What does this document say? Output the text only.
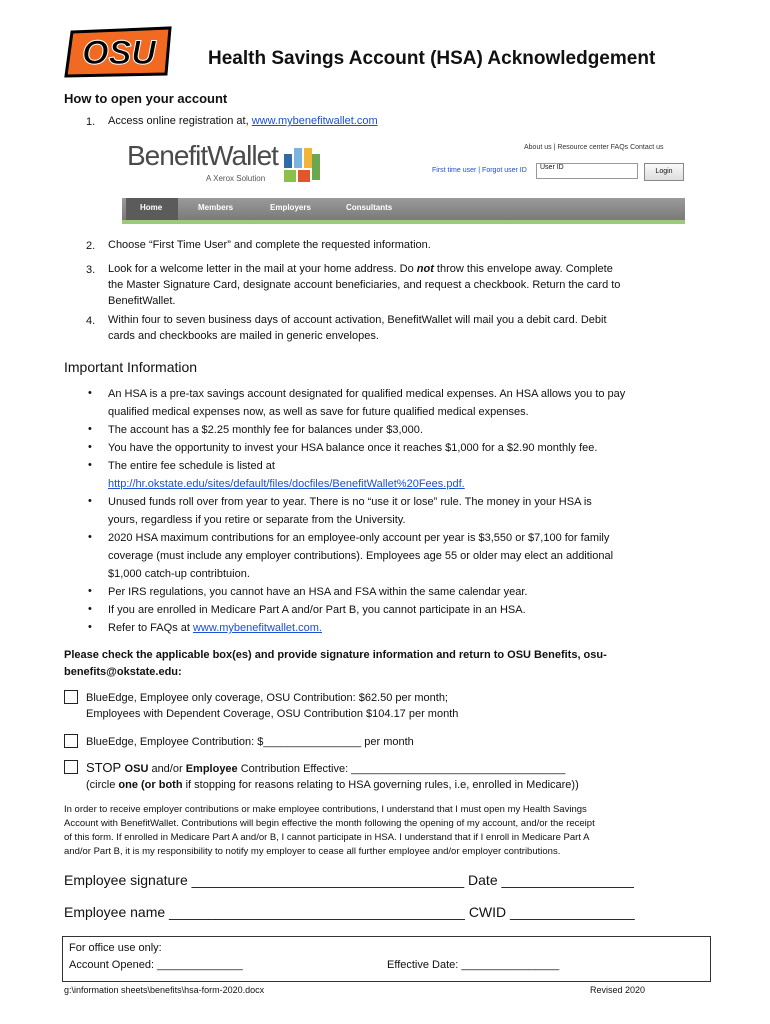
OSU	Health Savings Account (HSA) Acknowledgement
How to open your account
1. Access online registration at, www.mybenefitwallet.com
BenefitWallet
A Xerox Solution
About us | Resource center FAQs Contact us
First time user | Forgot user ID	User ID
Login
Home	Members	Employers	Consultants
2. Choose “First Time User” and complete the requested information.
3. Look for a welcome letter in the mail at your home address. Do not throw this envelope away. Complete
the Master Signature Card, designate account beneficiaries, and request a checkbook. Return the card to
BenefitWallet.
4. Within four to seven business days of account activation, BenefitWallet will mail you a debit card. Debit
cards and checkbooks are mailed in generic envelopes.
Important Information
An HSA is a pre-tax savings account designated for qualified medical expenses. An HSA allows you to pay
qualified medical expenses now, as well as save for future qualified medical expenses.
The account has a $2.25 monthly fee for balances under $3,000.
You have the opportunity to invest your HSA balance once it reaches $1,000 for a $2.90 monthly fee.
The entire fee schedule is listed at
http://hr.okstate.edu/sites/default/files/docfiles/BenefitWallet%20Fees.pdf.
Unused funds roll over from year to year. There is no “use it or lose” rule. The money in your HSA is
yours, regardless if you retire or separate from the University.
2020 HSA maximum contributions for an employee-only account per year is $3,550 or $7,100 for family
coverage (must include any employer contributions). Employees age 55 or older may elect an additional
$1,000 catch-up contribtuion.
Per IRS regulations, you cannot have an HSA and FSA within the same calendar year.
If you are enrolled in Medicare Part A and/or Part B, you cannot participate in an HSA.
Refer to FAQs at www.mybenefitwallet.com.
•
•
•
•
•
•
•
•
•
Please check the applicable box(es) and provide signature information and return to OSU Benefits, osu-
benefits@okstate.edu:
BlueEdge, Employee only coverage, OSU Contribution: $62.50 per month;
Employees with Dependent Coverage, OSU Contribution $104.17 per month
BlueEdge, Employee Contribution: $________________ per month
STOP OSU and/or Employee Contribution Effective: ___________________________________
(circle one (or both if stopping for reasons relating to HSA governing rules, i.e, enrolled in Medicare))
In order to receive employer contributions or make employee contributions, I understand that I must open my Health Savings
Account with BenefitWallet. Contributions will begin effective the month following the opening of my account, and/or the receipt
of this form. If enrolled in Medicare Part A and/or B, I cannot participate in HSA. I understand that if I enroll in Medicare Part A
and/or Part B, it is my responsibility to notify my employer to cease all further employee and/or employer contributions.
Employee signature ___________________________________ Date _________________
Employee name ______________________________________ CWID ________________
For office use only:
Account Opened: ______________	Effective Date: ________________
g:\information sheets\benefits\hsa-form-2020.docx	Revised 2020
